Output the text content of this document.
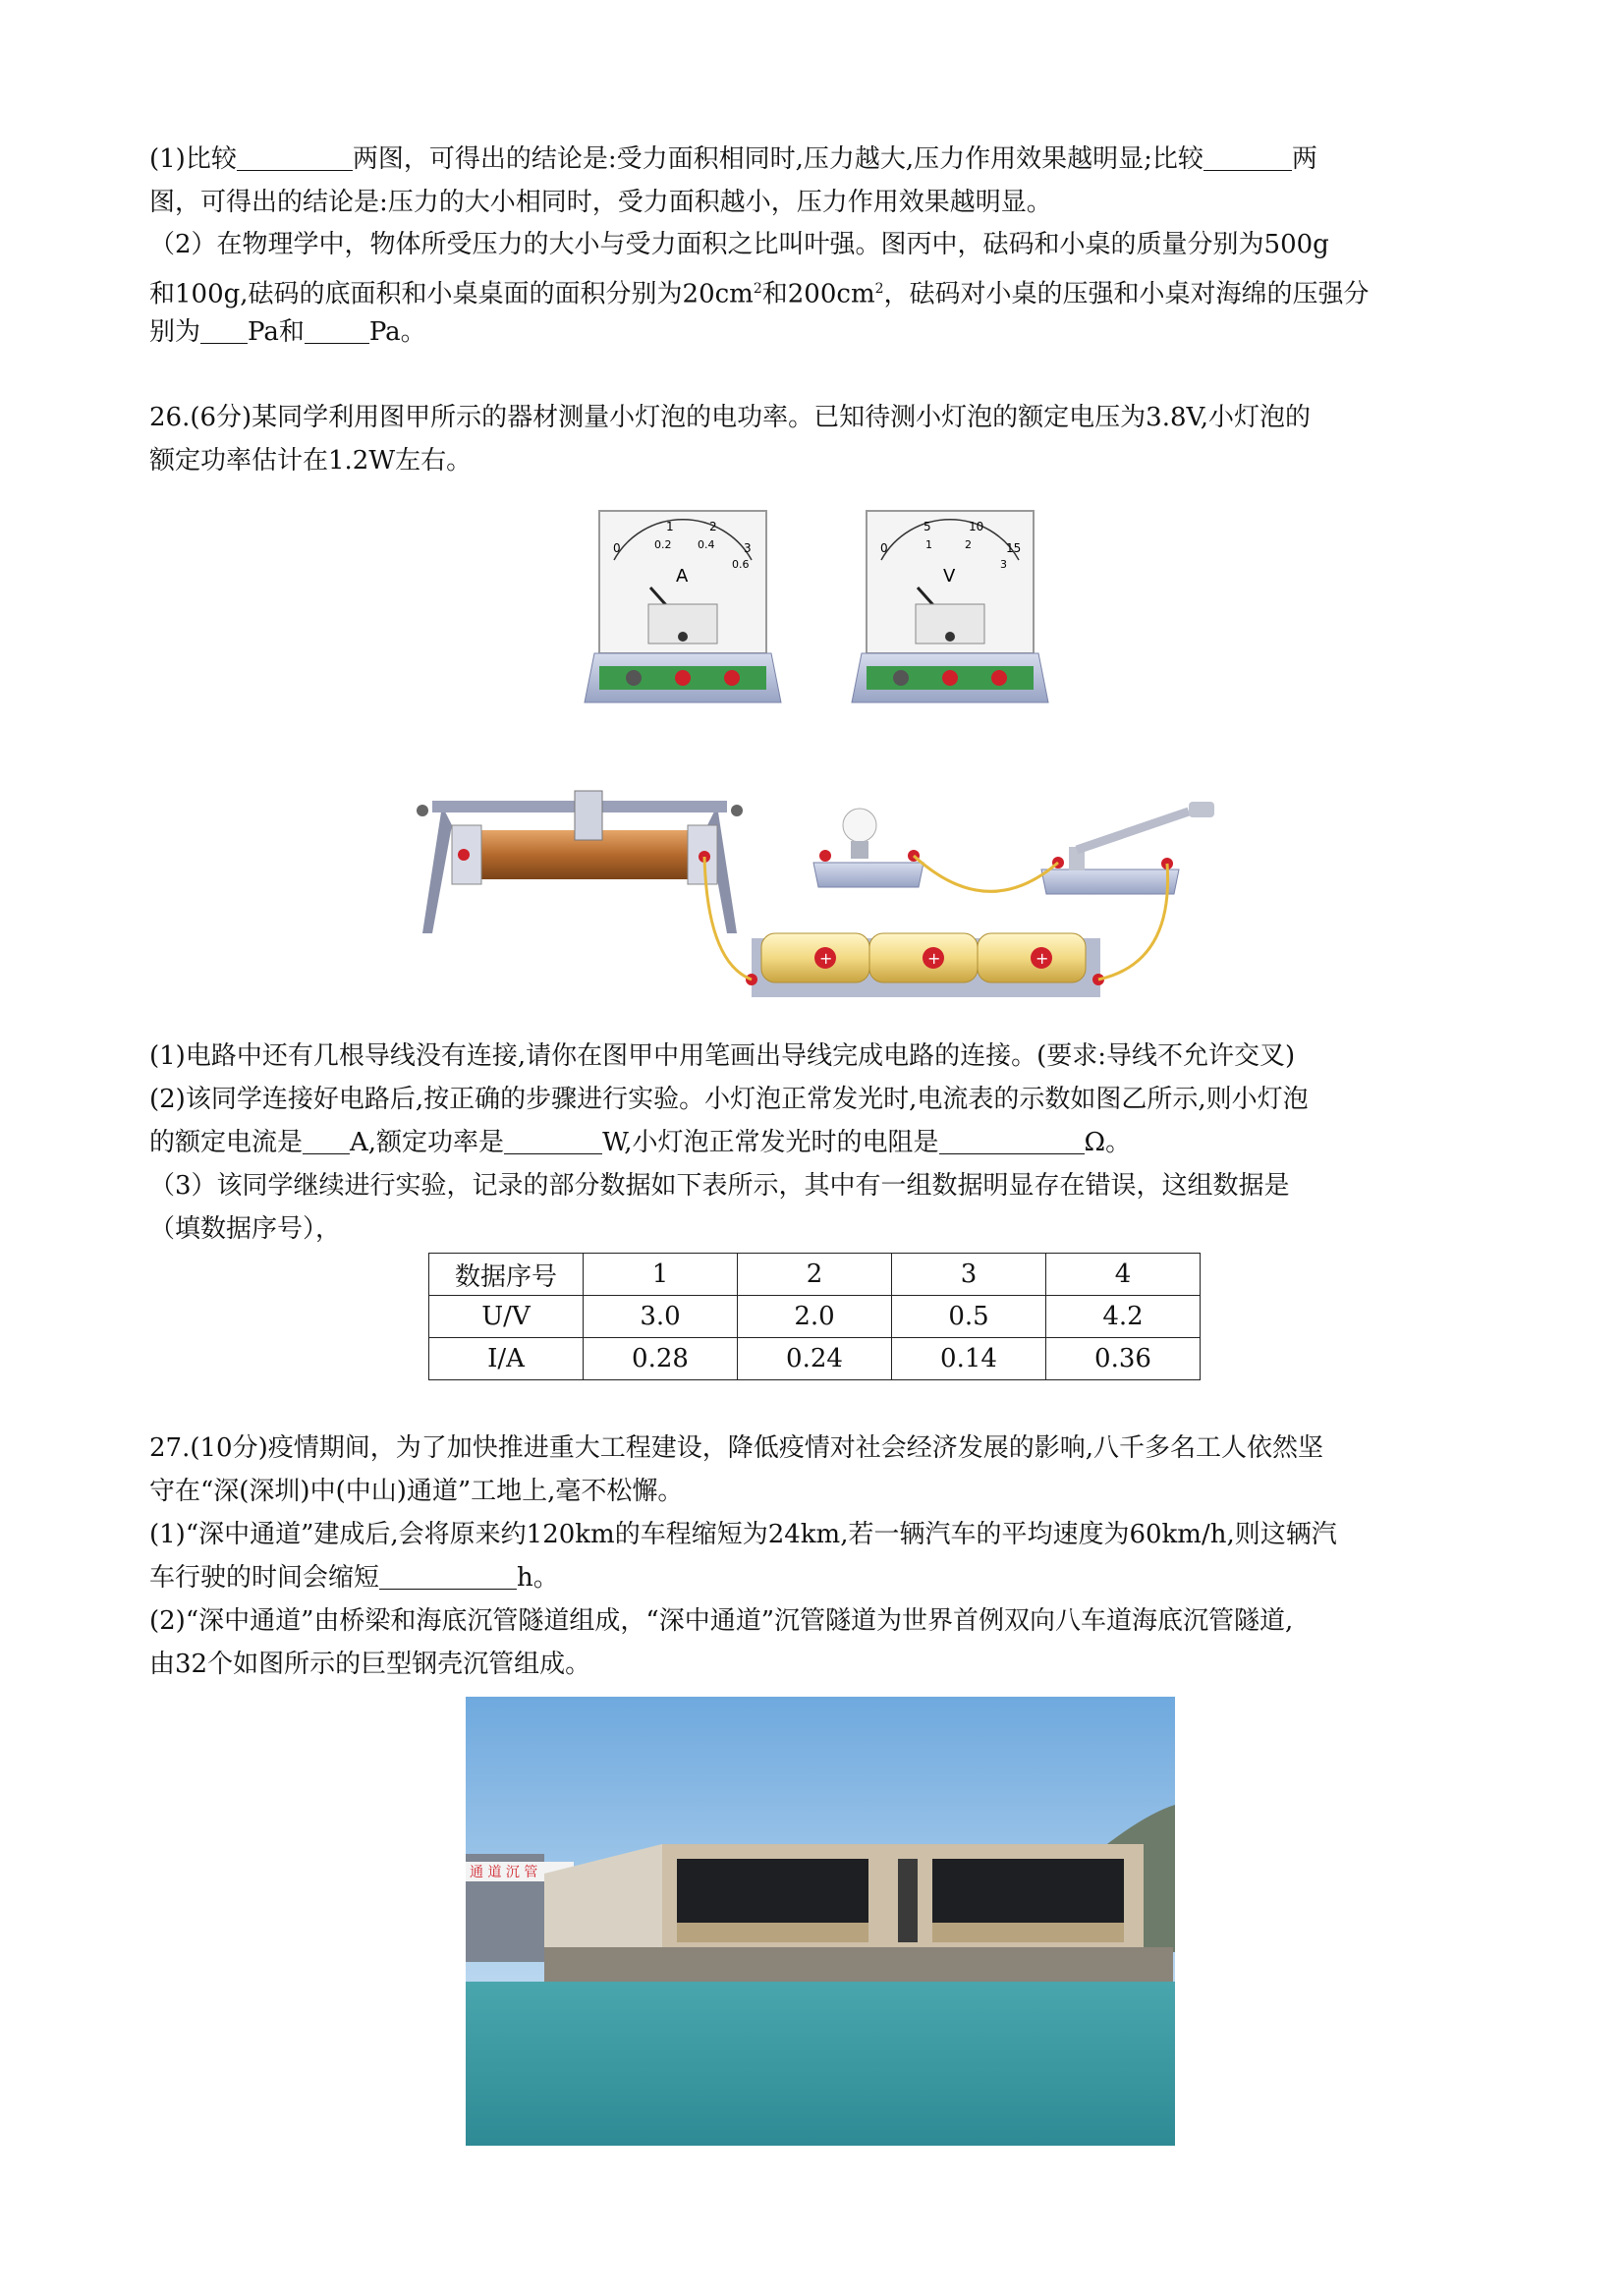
(1)比较	两图，可得出的结论是:受力面积相同时,压力越大,压力作用效果越明显;比较	两
图，可得出的结论是:压力的大小相同时，受力面积越小，压力作用效果越明显。
（2）在物理学中，物体所受压力的大小与受力面积之比叫叶强。图丙中，砝码和小桌的质量分别为500g
和100g,砝码的底面积和小桌桌面的面积分别为$20cm^2$和$200cm^2$，砝码对小桌的压强和小桌对海绵的压强分
别为 Pa和	Pa。
26.(6分)某同学利用图甲所示的器材测量小灯泡的电功率。已知待测小灯泡的额定电压为3.8V,小灯泡的
额定功率估计在1.2W左右。
1	2
0	3
0.2 0.4
0.6
A
0
5	10
15
1	2
3
V
+	+	+
(1)电路中还有几根导线没有连接,请你在图甲中用笔画出导线完成电路的连接。(要求:导线不允许交叉)
(2)该同学连接好电路后,按正确的步骤进行实验。小灯泡正常发光时,电流表的示数如图乙所示,则小灯泡
的额定电流是 A,额定功率是	W,小灯泡正常发光时的电阻是	Ω。
（3）该同学继续进行实验，记录的部分数据如下表所示，其中有一组数据明显存在错误，这组数据是
（填数据序号），
数据序号	1	2	3	4
U/V	3.0	2.0	0.5	4.2
I/A	0.28	0.24	0.14	0.36
27.(10分)疫情期间，为了加快推进重大工程建设，降低疫情对社会经济发展的影响,八千多名工人依然坚
守在“深(深圳)中(中山)通道”工地上,毫不松懈。
(1)“深中通道”建成后,会将原来约120km的车程缩短为24km,若一辆汽车的平均速度为60km/h,则这辆汽
车行驶的时间会缩短	h。
(2)“深中通道”由桥梁和海底沉管隧道组成，“深中通道”沉管隧道为世界首例双向八车道海底沉管隧道,
由32个如图所示的巨型钢壳沉管组成。
通 道 沉 管
